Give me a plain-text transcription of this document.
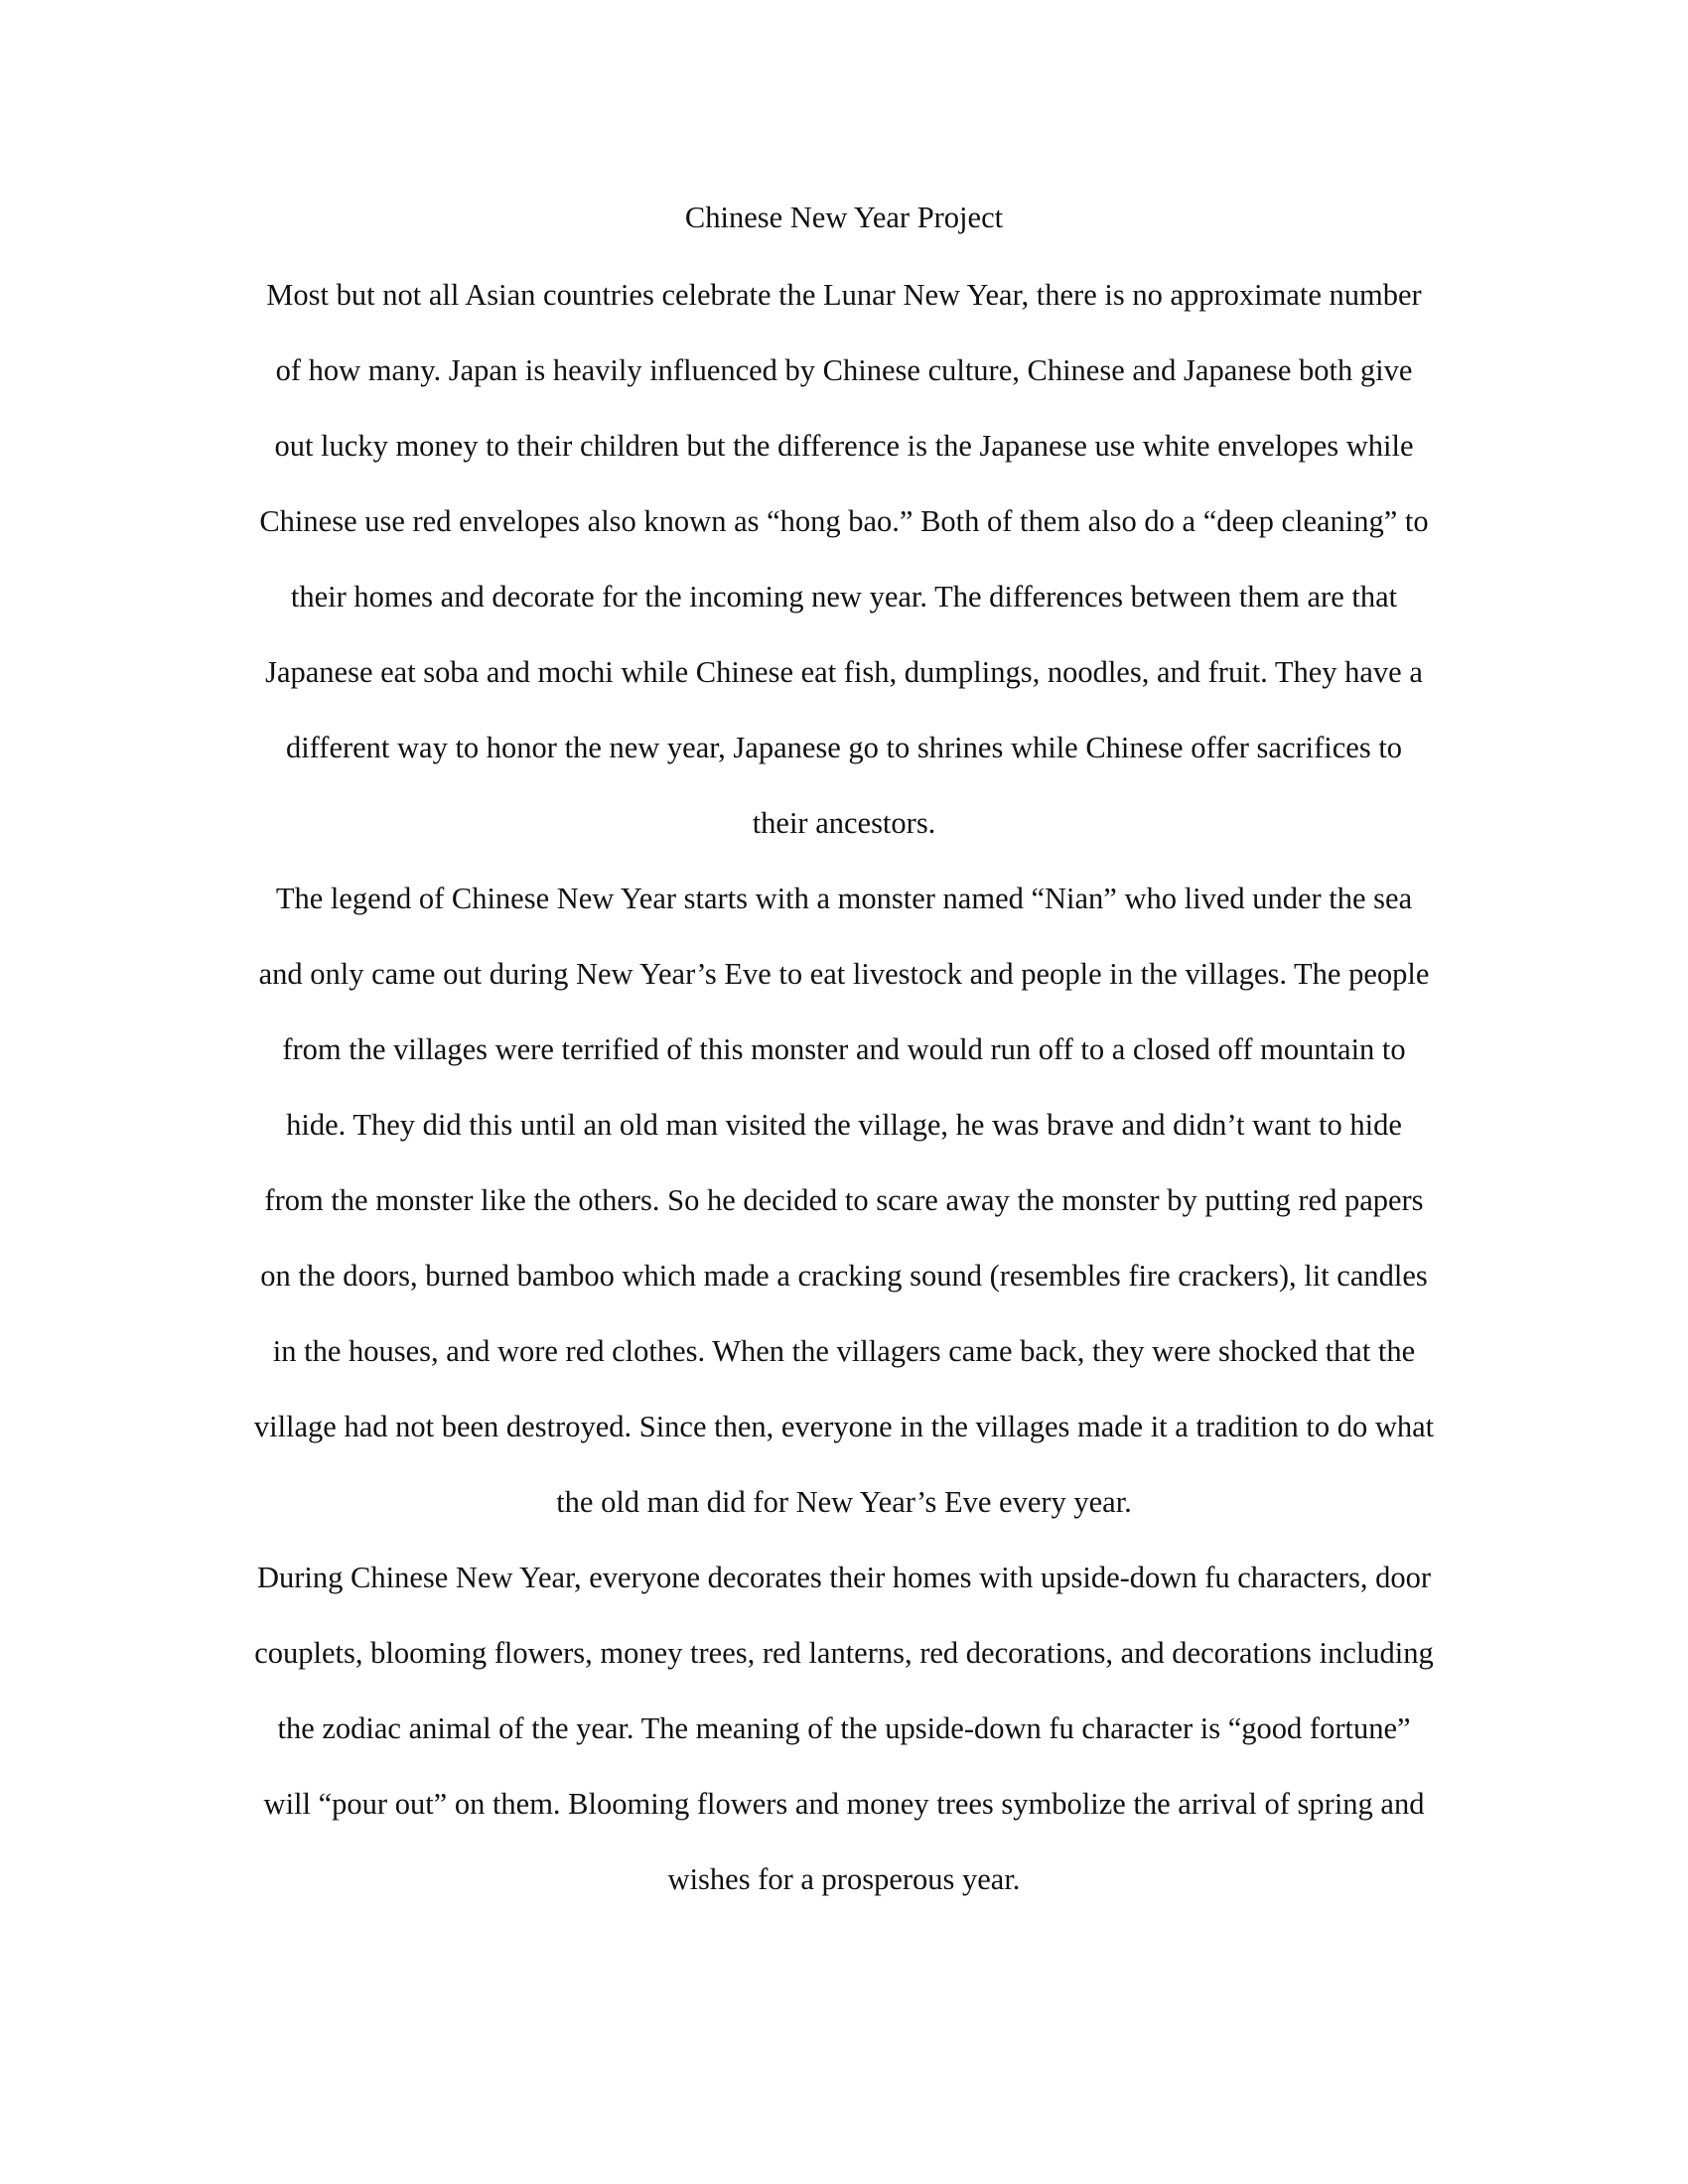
Chinese New Year Project

Most but not all Asian countries celebrate the Lunar New Year, there is no approximate number

of how many. Japan is heavily influenced by Chinese culture, Chinese and Japanese both give

out lucky money to their children but the difference is the Japanese use white envelopes while

Chinese use red envelopes also known as “hong bao.” Both of them also do a “deep cleaning” to

their homes and decorate for the incoming new year. The differences between them are that

Japanese eat soba and mochi while Chinese eat fish, dumplings, noodles, and fruit. They have a

different way to honor the new year, Japanese go to shrines while Chinese offer sacrifices to

their ancestors.

The legend of Chinese New Year starts with a monster named “Nian” who lived under the sea

and only came out during New Year’s Eve to eat livestock and people in the villages. The people

from the villages were terrified of this monster and would run off to a closed off mountain to

hide. They did this until an old man visited the village, he was brave and didn’t want to hide

from the monster like the others. So he decided to scare away the monster by putting red papers

on the doors, burned bamboo which made a cracking sound (resembles fire crackers), lit candles

in the houses, and wore red clothes. When the villagers came back, they were shocked that the

village had not been destroyed. Since then, everyone in the villages made it a tradition to do what

the old man did for New Year’s Eve every year.

During Chinese New Year, everyone decorates their homes with upside-down fu characters, door

couplets, blooming flowers, money trees, red lanterns, red decorations, and decorations including

the zodiac animal of the year. The meaning of the upside-down fu character is “good fortune”

will “pour out” on them. Blooming flowers and money trees symbolize the arrival of spring and

wishes for a prosperous year.
